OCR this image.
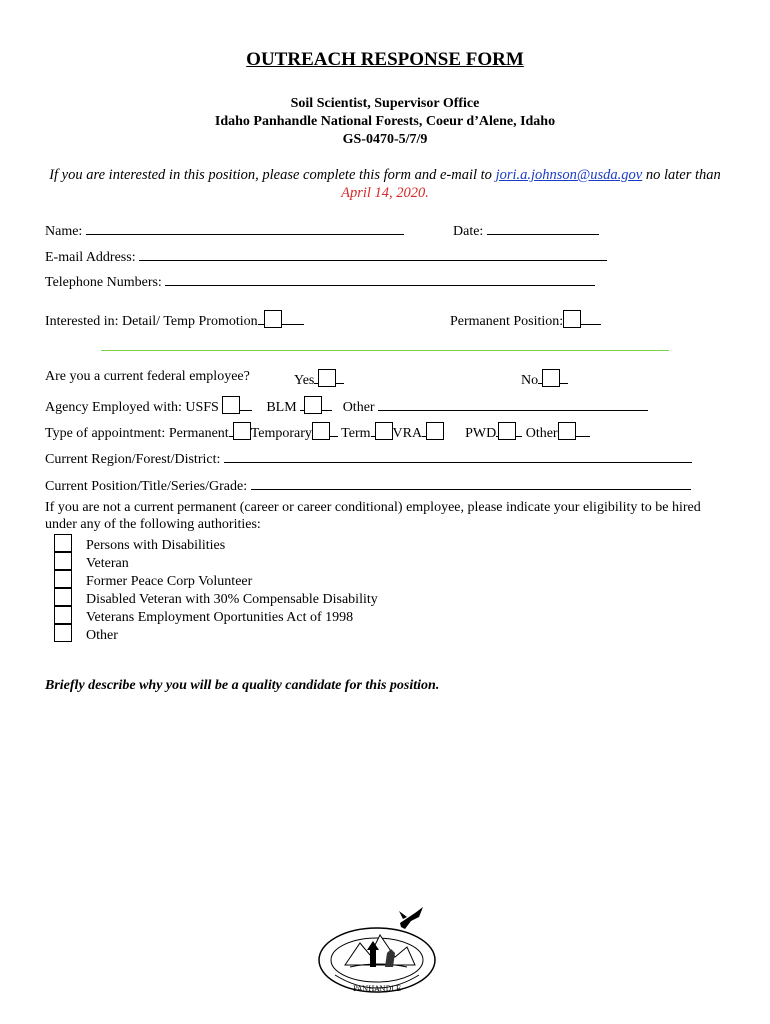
OUTREACH RESPONSE FORM
Soil Scientist, Supervisor Office
Idaho Panhandle National Forests, Coeur d’Alene, Idaho
GS-0470-5/7/9
If you are interested in this position, please complete this form and e-mail to jori.a.johnson@usda.gov no later than April 14, 2020.
Name:	Date:
E-mail Address:
Telephone Numbers:
Interested in: Detail/ Temp Promotion	Permanent Position:
Are you a current federal employee?	Yes	No
Agency Employed with: USFS	BLM	Other
Type of appointment: Permanent Temporary Term VRA	PWD Other
Current Region/Forest/District:
Current Position/Title/Series/Grade:
If you are not a current permanent (career or career conditional) employee, please indicate your eligibility to be hired under any of the following authorities:
Persons with Disabilities
Veteran
Former Peace Corp Volunteer
Disabled Veteran with 30% Compensable Disability
Veterans Employment Oportunities Act of 1998
Other
Briefly describe why you will be a quality candidate for this position.
PANHANDLE
